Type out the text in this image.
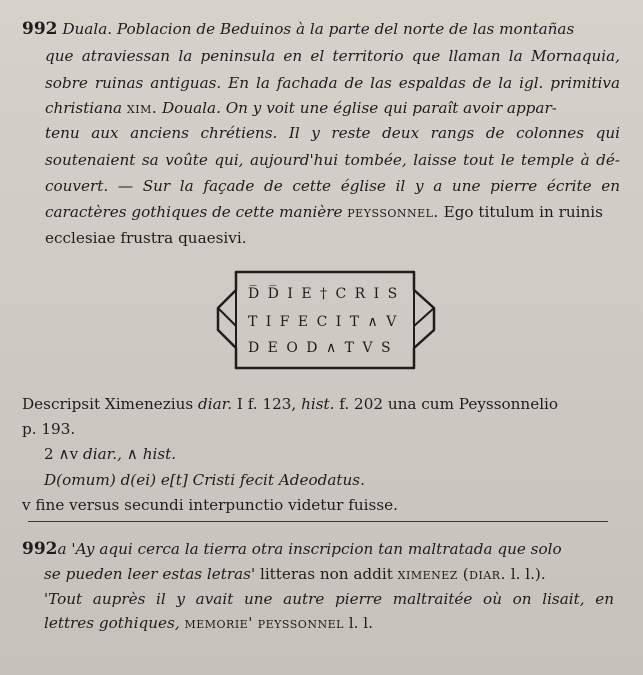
992 Duala. Poblacion de Beduinos à la parte del norte de las montañas
que atraviessan la peninsula en el territorio que llaman la Mornaquia,
sobre ruinas antiguas. En la fachada de las espaldas de la igl. primitiva
christiana xim. Douala. On y voit une église qui paraît avoir appar-
tenu aux anciens chrétiens. Il y reste deux rangs de colonnes qui
soutenaient sa voûte qui, aujourd'hui tombée, laisse tout le temple à dé-
couvert. — Sur la façade de cette église il y a une pierre écrite en
caractères gothiques de cette manière peyssonnel. Ego titulum in ruinis
ecclesiae frustra quaesivi.
D̅ D̅ I E † C R I S
T I F E C I T ∧ V
D E O D ∧ T V S
Descripsit Ximenezius diar. I f. 123, hist. f. 202 una cum Peyssonnelio
p. 193.
2 ∧v diar., ∧ hist.
D(omum) d(ei) e[t] Cristi fecit Adeodatus.
v fine versus secundi interpunctio videtur fuisse.
992a 'Ay aqui cerca la tierra otra inscripcion tan maltratada que solo
se pueden leer estas letras' litteras non addit ximenez (diar. l. l.).
'Tout auprès il y avait une autre pierre maltraitée où on lisait, en
lettres gothiques, memorie' peyssonnel l. l.
